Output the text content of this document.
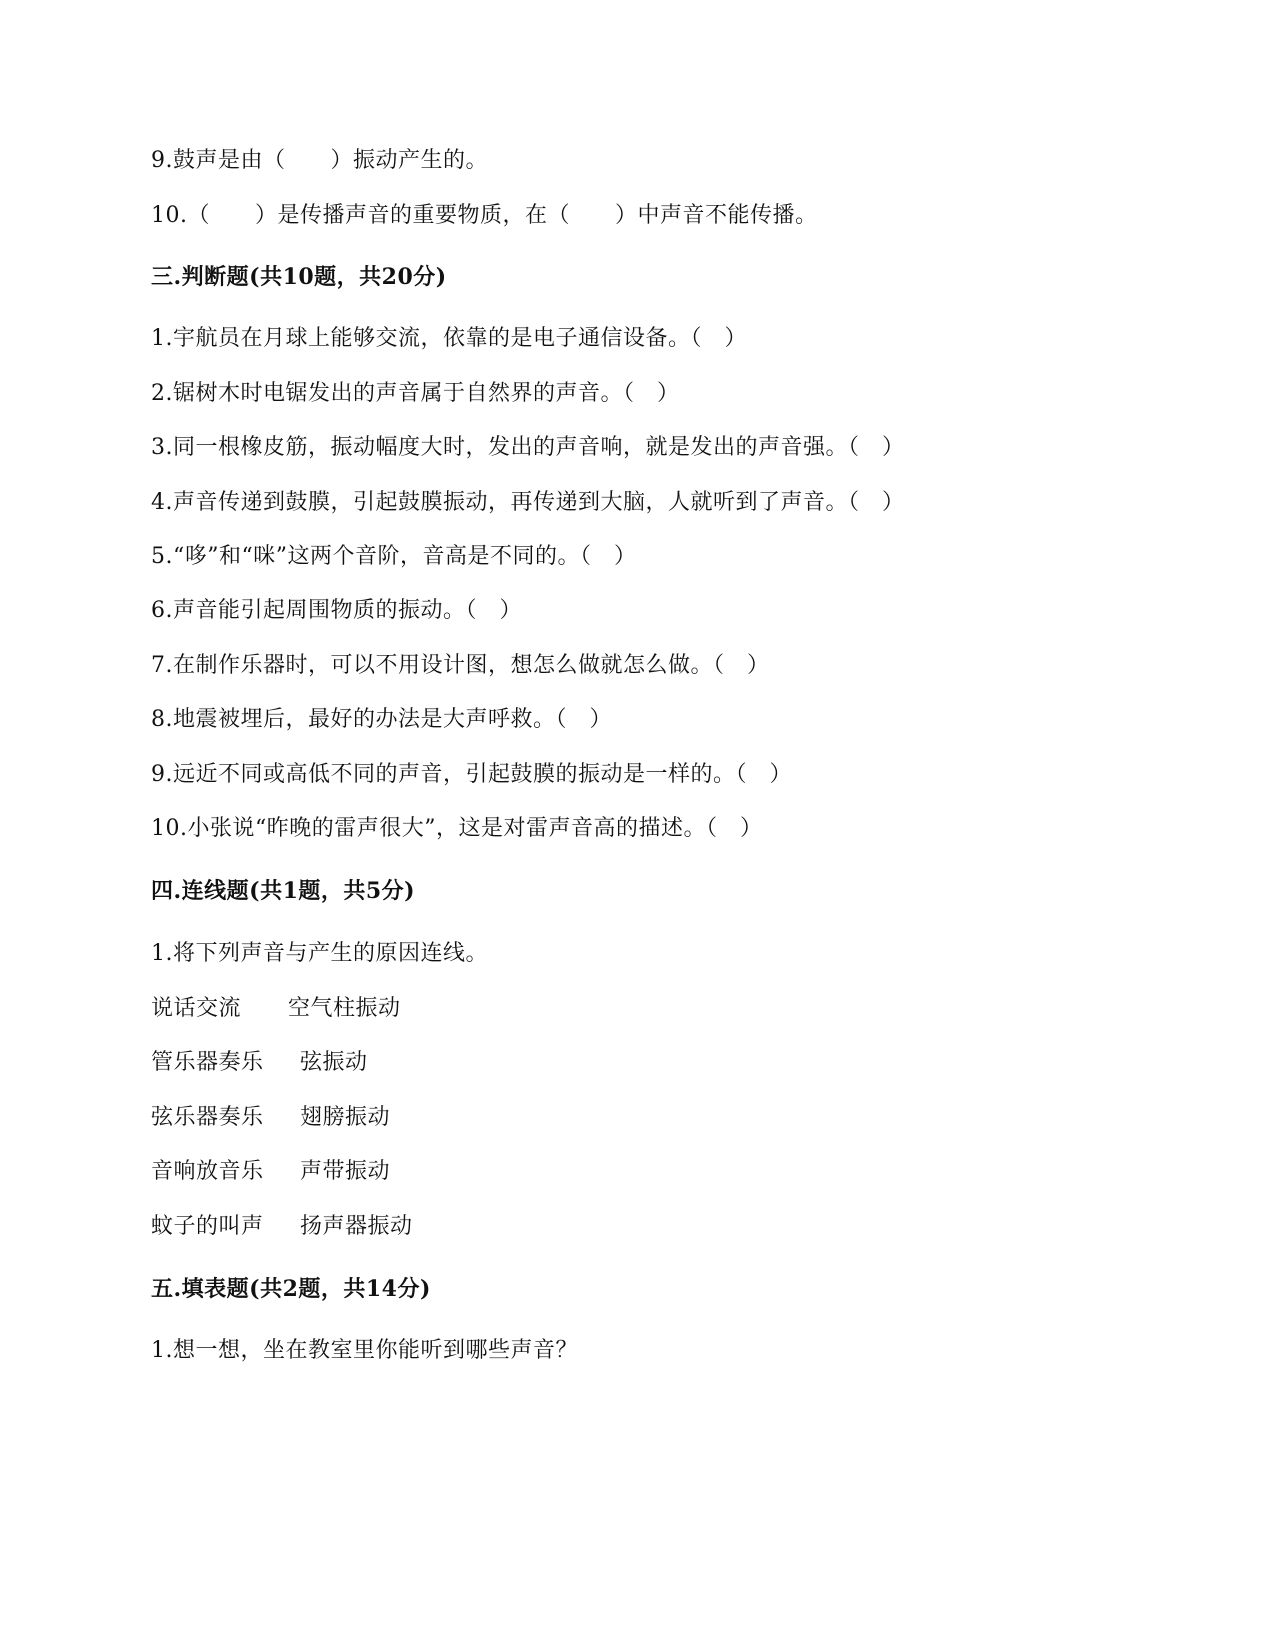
9.鼓声是由（　　）振动产生的。
10.（　　）是传播声音的重要物质，在（　　）中声音不能传播。
三.判断题(共10题，共20分)
1.宇航员在月球上能够交流，依靠的是电子通信设备。（　）
2.锯树木时电锯发出的声音属于自然界的声音。（　）
3.同一根橡皮筋，振动幅度大时，发出的声音响，就是发出的声音强。（　）
4.声音传递到鼓膜，引起鼓膜振动，再传递到大脑，人就听到了声音。（　）
5.“哆”和“咪”这两个音阶，音高是不同的。（　）
6.声音能引起周围物质的振动。（　）
7.在制作乐器时，可以不用设计图，想怎么做就怎么做。（　）
8.地震被埋后，最好的办法是大声呼救。（　）
9.远近不同或高低不同的声音，引起鼓膜的振动是一样的。（　）
10.小张说“昨晚的雷声很大”，这是对雷声音高的描述。（　）
四.连线题(共1题，共5分)
1.将下列声音与产生的原因连线。
说话交流 空气柱振动
管乐器奏乐 弦振动
弦乐器奏乐 翅膀振动
音响放音乐 声带振动
蚊子的叫声 扬声器振动
五.填表题(共2题，共14分)
1.想一想，坐在教室里你能听到哪些声音？
